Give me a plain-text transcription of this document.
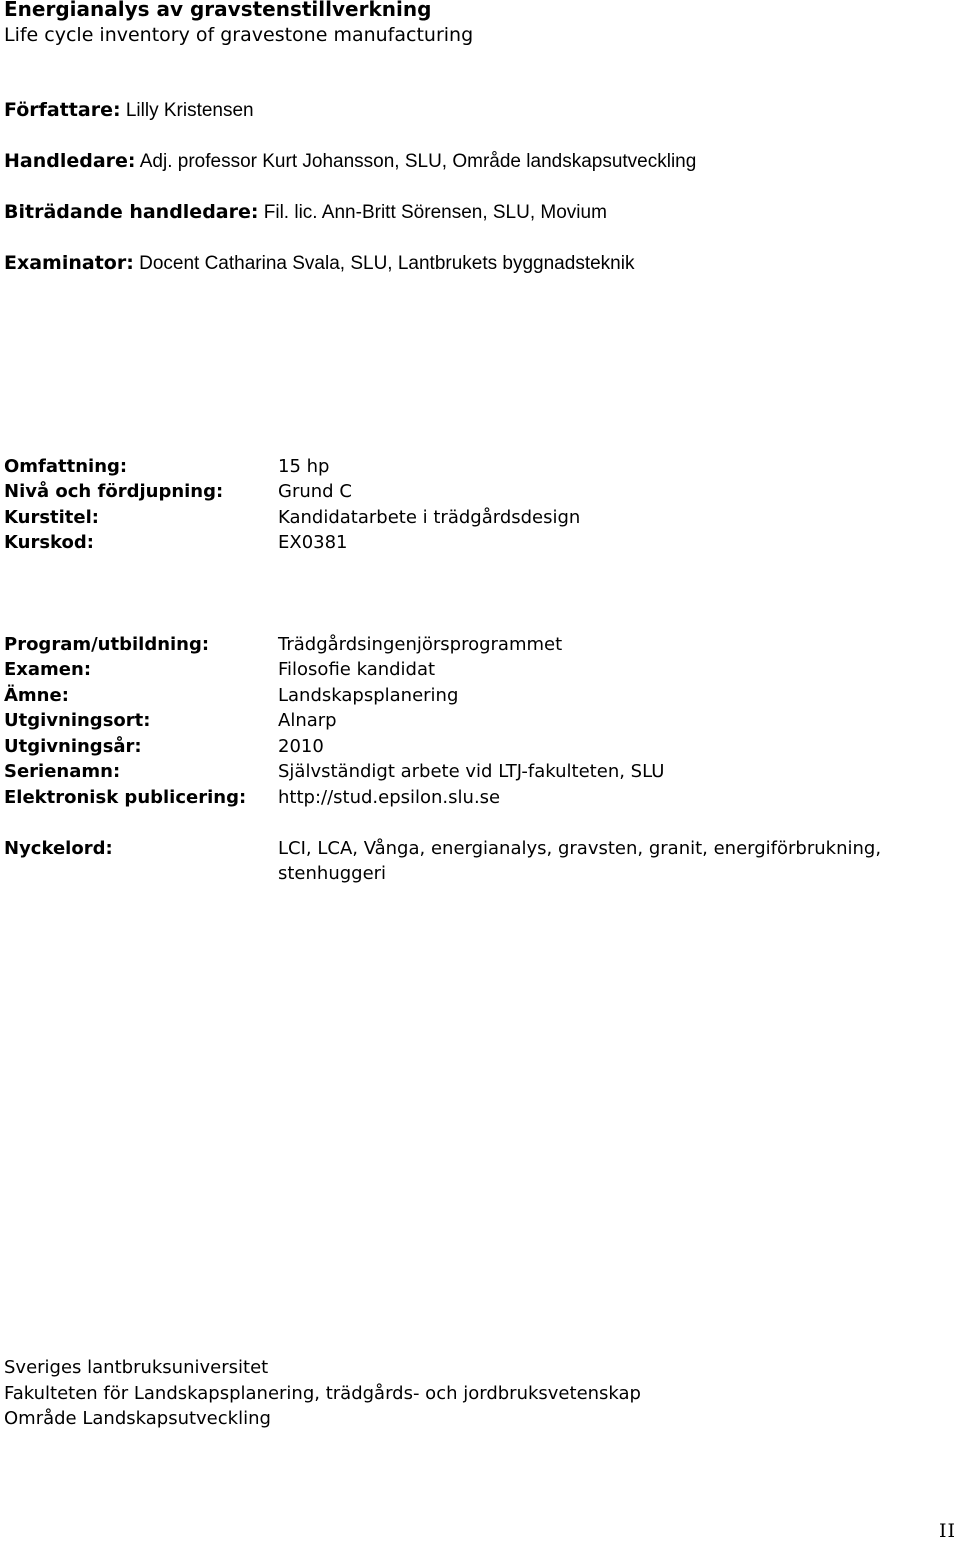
Energianalys av gravstenstillverkning
Life cycle inventory of gravestone manufacturing
Författare: Lilly Kristensen
Handledare: Adj. professor Kurt Johansson, SLU, Område landskapsutveckling
Biträdande handledare: Fil. lic. Ann-Britt Sörensen, SLU, Movium
Examinator: Docent Catharina Svala, SLU, Lantbrukets byggnadsteknik
Omfattning:	15 hp
Nivå och fördjupning:	Grund C
Kurstitel:	Kandidatarbete i trädgårdsdesign
Kurskod:	EX0381
Program/utbildning:	Trädgårdsingenjörsprogrammet
Examen:	Filosofie kandidat
Ämne:	Landskapsplanering
Utgivningsort:	Alnarp
Utgivningsår:	2010
Serienamn:	Självständigt arbete vid LTJ-fakulteten, SLU
Elektronisk publicering: http://stud.epsilon.slu.se
Nyckelord:	LCI, LCA, Vånga, energianalys, gravsten, granit, energiförbrukning,
stenhuggeri
Sveriges lantbruksuniversitet
Fakulteten för Landskapsplanering, trädgårds- och jordbruksvetenskap
Område Landskapsutveckling
II
